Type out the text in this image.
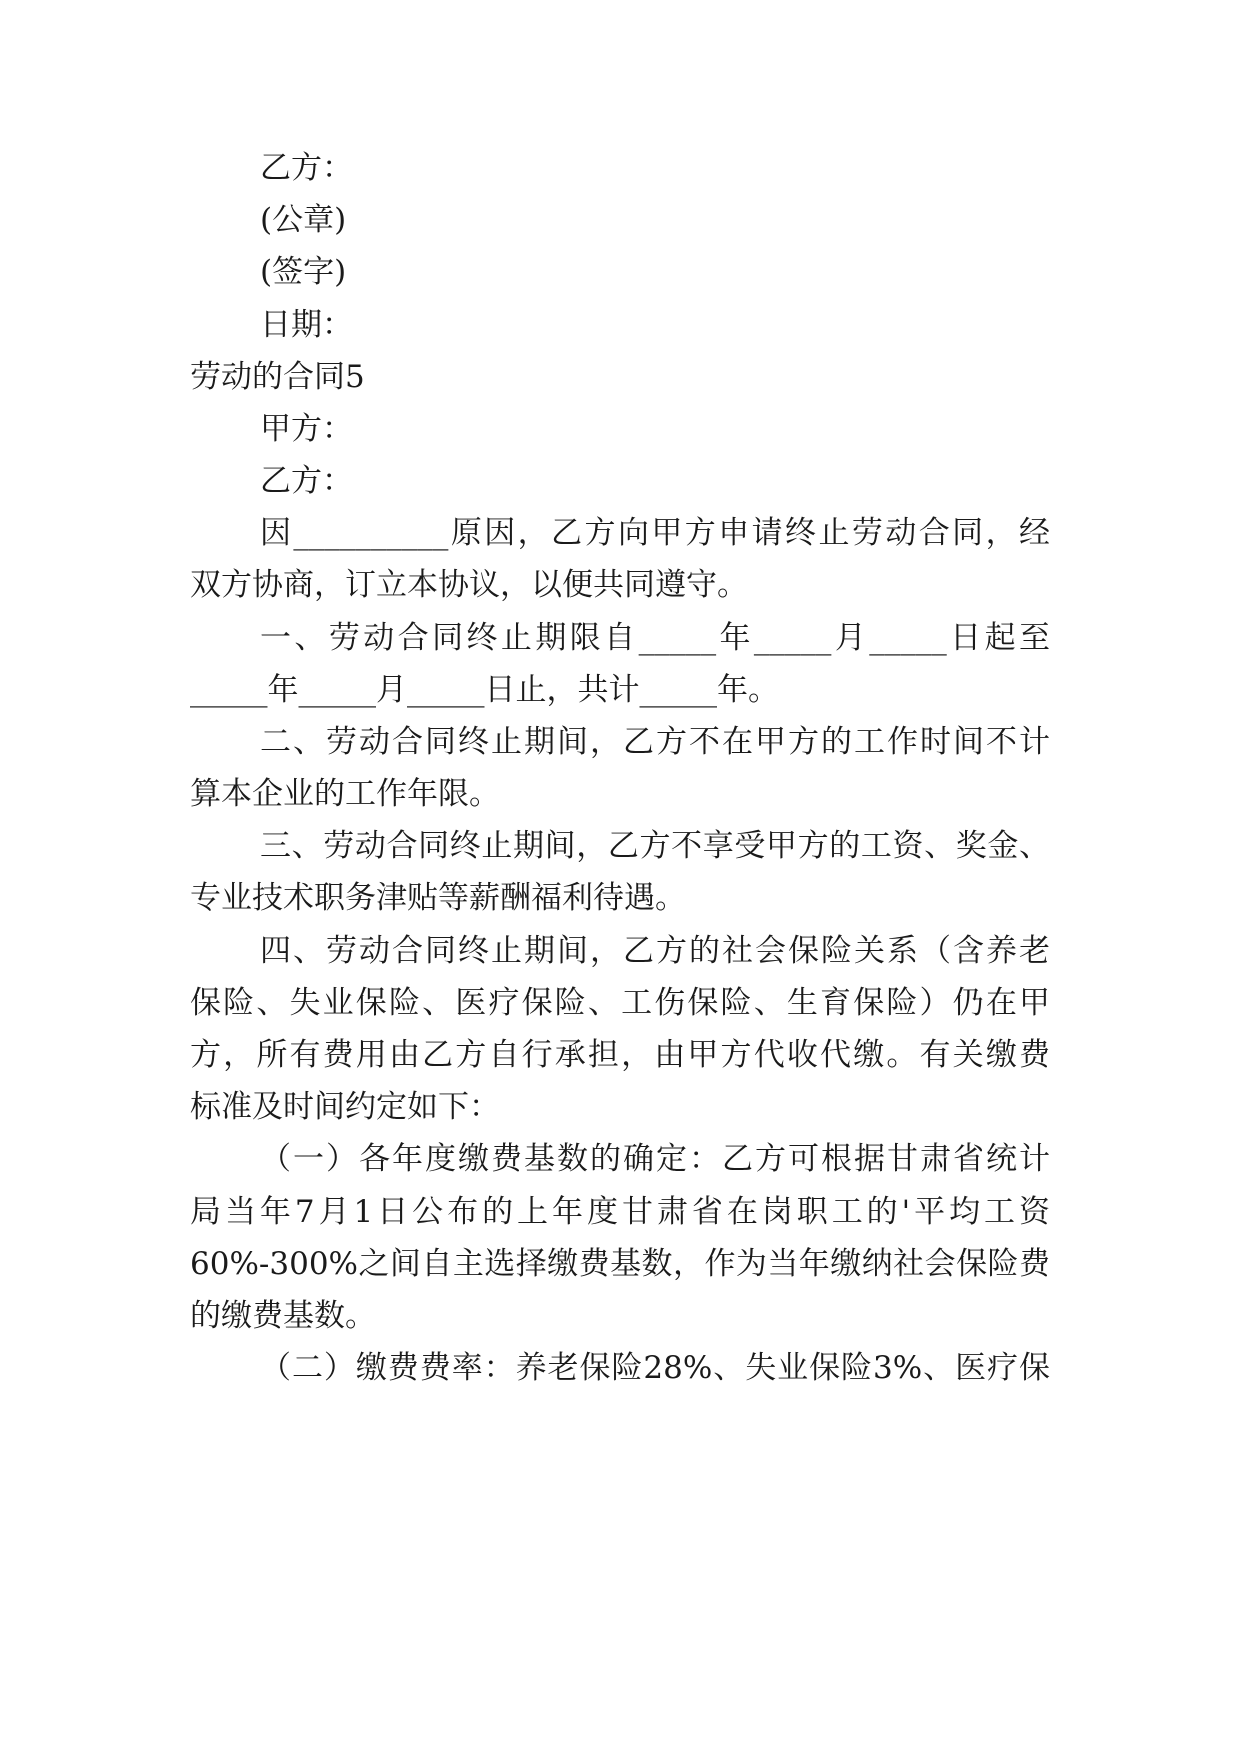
乙方：
(公章)
(签字)
日期：
劳动的合同5
甲方：
乙方：
因__________原因，乙方向甲方申请终止劳动合同，经
双方协商，订立本协议，以便共同遵守。
一、劳动合同终止期限自_____年_____月_____日起至
_____年_____月_____日止，共计_____年。
二、劳动合同终止期间，乙方不在甲方的工作时间不计
算本企业的工作年限。
三、劳动合同终止期间，乙方不享受甲方的工资、奖金、
专业技术职务津贴等薪酬福利待遇。
四、劳动合同终止期间，乙方的社会保险关系（含养老
保险、失业保险、医疗保险、工伤保险、生育保险）仍在甲
方，所有费用由乙方自行承担，由甲方代收代缴。有关缴费
标准及时间约定如下：
（一）各年度缴费基数的确定：乙方可根据甘肃省统计
局当年7月1日公布的上年度甘肃省在岗职工的'平均工资
60%-300%之间自主选择缴费基数，作为当年缴纳社会保险费
的缴费基数。
（二）缴费费率：养老保险28%、失业保险3%、医疗保
